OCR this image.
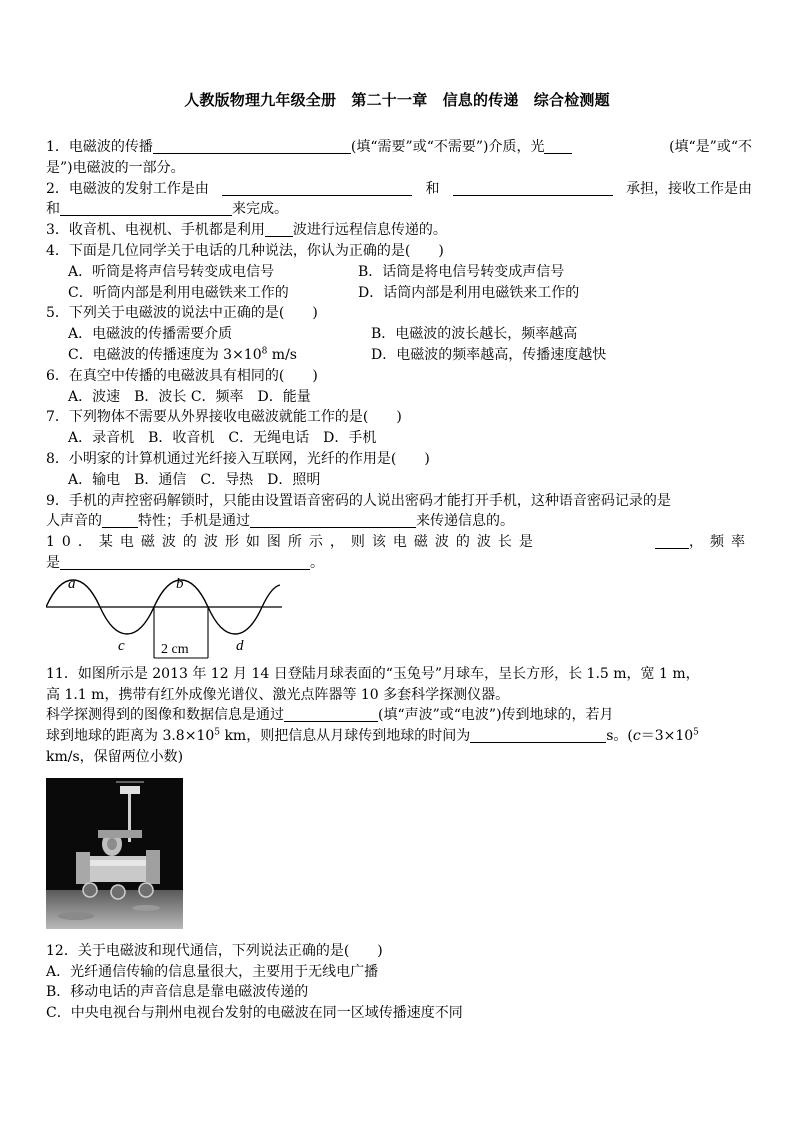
人教版物理九年级全册　第二十一章　信息的传递　综合检测题
1．电磁波的传播	(填“需要”或“不需要”)介质，光	(填“是”或“不
是”)电磁波的一部分。
2．电磁波的发射工作是由	和	承担，接收工作是由
和	来完成。
3．收音机、电视机、手机都是利用 波进行远程信息传递的。
4．下面是几位同学关于电话的几种说法，你认为正确的是(　　)
A．听筒是将声信号转变成电信号	B．话筒是将电信号转变成声信号
C．听筒内部是利用电磁铁来工作的	D．话筒内部是利用电磁铁来工作的
5．下列关于电磁波的说法中正确的是(　　)
A．电磁波的传播需要介质	B．电磁波的波长越长，频率越高
C．电磁波的传播速度为 $3\times 10^8$ m/s	D．电磁波的频率越高，传播速度越快
6．在真空中传播的电磁波具有相同的(　　)
A．波速　B．波长 C．频率　D．能量
7．下列物体不需要从外界接收电磁波就能工作的是(　　)
A．录音机　B．收音机　C．无绳电话　D．手机
8．小明家的计算机通过光纤接入互联网，光纤的作用是(　　)
A．输电　B．通信　C．导热　D．照明
9．手机的声控密码解锁时，只能由设置语音密码的人说出密码才能打开手机，这种语音密码记录的是
人声音的	特性；手机是通过	来传递信息的。
10．某电磁波的波形如图所示，则该电磁波的波长是	，频率
是	。
a	b
c	d
2 cm
11．如图所示是 2013 年 12 月 14 日登陆月球表面的“玉兔号”月球车，呈长方形，长 1.5 m，宽 1 m，
高 1.1 m，携带有红外成像光谱仪、激光点阵器等 10 多套科学探测仪器。
科学探测得到的图像和数据信息是通过	(填“声波”或“电波”)传到地球的，若月
球到地球的距离为 $3.8\times 10^5$ km，则把信息从月球传到地球的时间为	s。($c=3\times 10^5$
km/s，保留两位小数)
12．关于电磁波和现代通信，下列说法正确的是(　　)
A．光纤通信传输的信息量很大，主要用于无线电广播
B．移动电话的声音信息是靠电磁波传递的
C．中央电视台与荆州电视台发射的电磁波在同一区域传播速度不同
